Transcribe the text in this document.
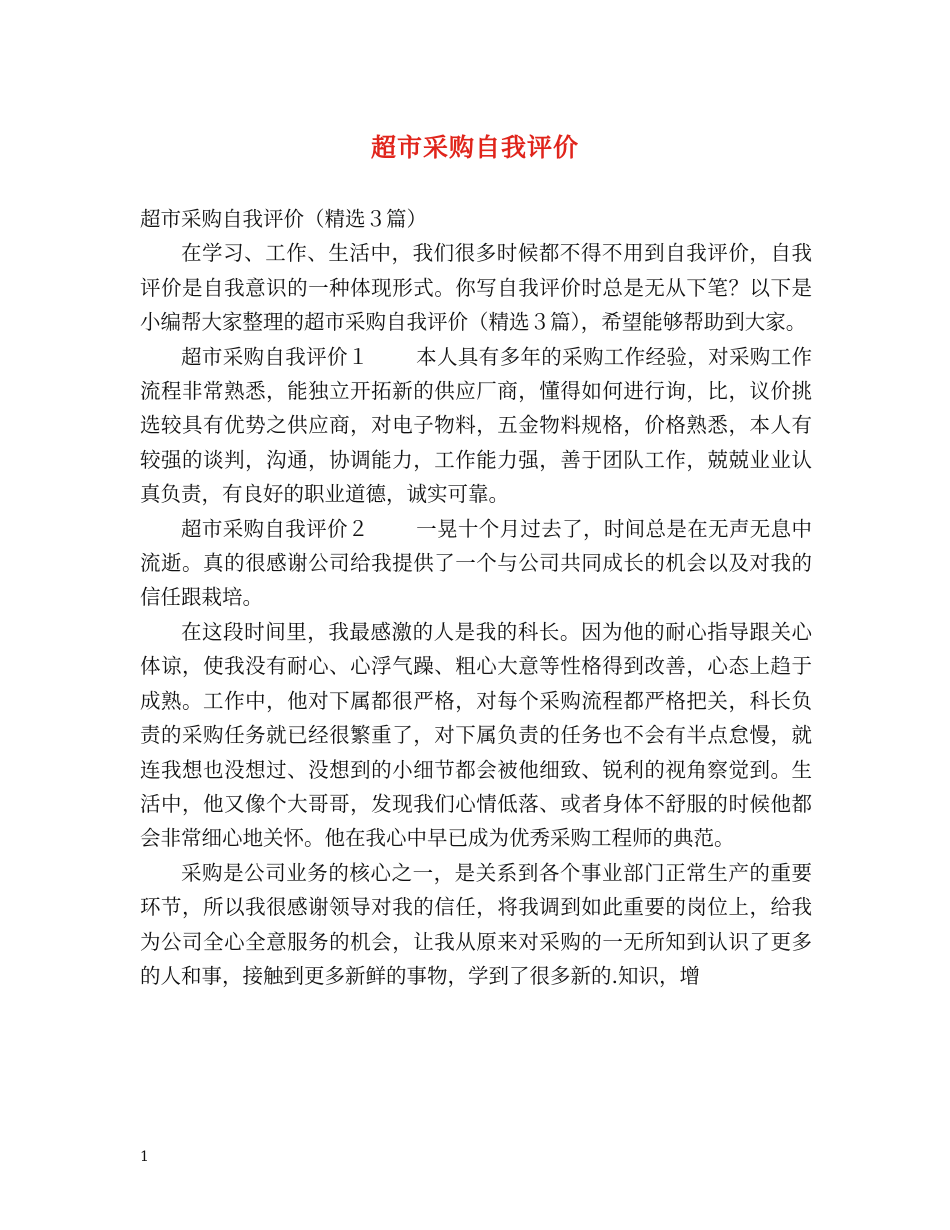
超市采购自我评价

超市采购自我评价（精选３篇）

在学习、工作、生活中，我们很多时候都不得不用到自我评价，自我评价是自我意识的一种体现形式。你写自我评价时总是无从下笔？以下是小编帮大家整理的超市采购自我评价（精选３篇），希望能够帮助到大家。

超市采购自我评价１ 本人具有多年的采购工作经验，对采购工作流程非常熟悉，能独立开拓新的供应厂商，懂得如何进行询，比，议价挑选较具有优势之供应商，对电子物料，五金物料规格，价格熟悉，本人有较强的谈判，沟通，协调能力，工作能力强，善于团队工作，兢兢业业认真负责，有良好的职业道德，诚实可靠。

超市采购自我评价２ 一晃十个月过去了，时间总是在无声无息中流逝。真的很感谢公司给我提供了一个与公司共同成长的机会以及对我的信任跟栽培。

在这段时间里，我最感激的人是我的科长。因为他的耐心指导跟关心体谅，使我没有耐心、心浮气躁、粗心大意等性格得到改善，心态上趋于成熟。工作中，他对下属都很严格，对每个采购流程都严格把关，科长负责的采购任务就已经很繁重了，对下属负责的任务也不会有半点怠慢，就连我想也没想过、没想到的小细节都会被他细致、锐利的视角察觉到。生活中，他又像个大哥哥，发现我们心情低落、或者身体不舒服的时候他都会非常细心地关怀。他在我心中早已成为优秀采购工程师的典范。

采购是公司业务的核心之一，是关系到各个事业部门正常生产的重要环节，所以我很感谢领导对我的信任，将我调到如此重要的岗位上，给我为公司全心全意服务的机会，让我从原来对采购的一无所知到认识了更多的人和事，接触到更多新鲜的事物，学到了很多新的.知识，增

1
